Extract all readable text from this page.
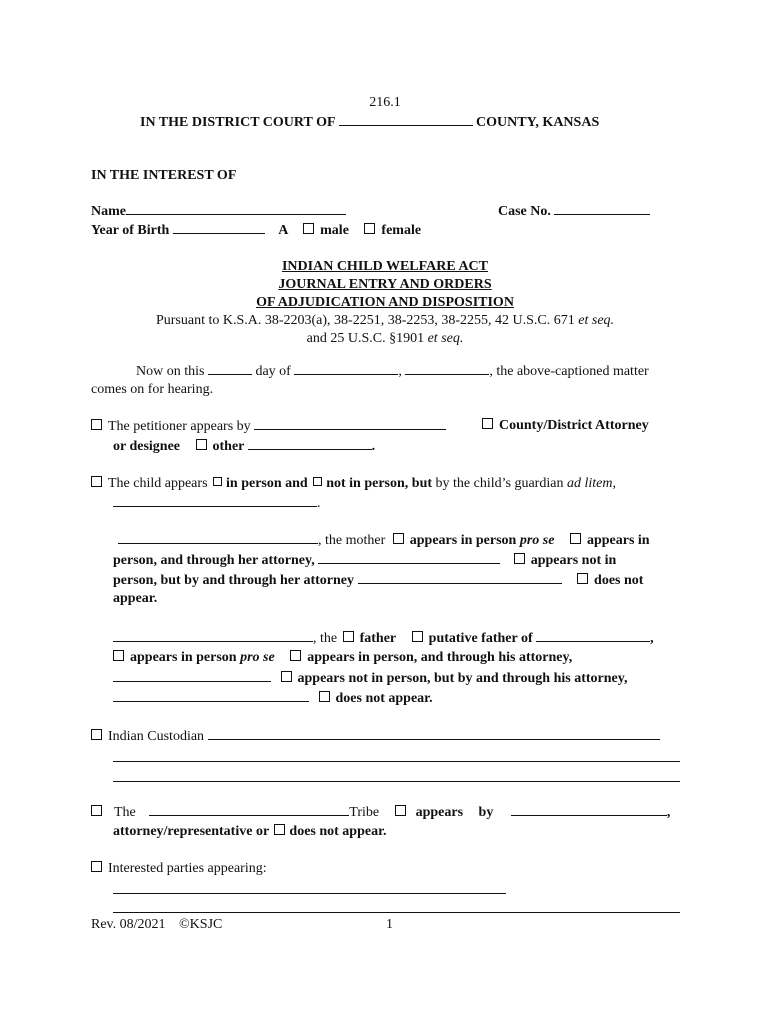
216.1
IN THE DISTRICT COURT OF	COUNTY, KANSAS
IN THE INTEREST OF
Name	Case No.
Year of Birth	A male female
INDIAN CHILD WELFARE ACT
JOURNAL ENTRY AND ORDERS
OF ADJUDICATION AND DISPOSITION
Pursuant to K.S.A. 38-2203(a), 38-2251, 38-2253, 38-2255, 42 U.S.C. 671 et seq.
and 25 U.S.C. §1901 et seq.
Now on this	day of	,	, the above-captioned matter
comes on for hearing.
The petitioner appears by	County/District Attorney
or designee other	.
The child appears in person and not in person, but by the child’s guardian ad litem,
.
, the mother appears in person pro se appears in
person, and through her attorney,	appears not in
person, but by and through her attorney	does not
appear.
, the father putative father of	,
appears in person pro se appears in person, and through his attorney,
appears not in person, but by and through his attorney,
does not appear.
Indian Custodian
The	Tribe	appears by	,
attorney/representative or does not appear.
Interested parties appearing:
Rev. 08/2021 ©KSJC	1
